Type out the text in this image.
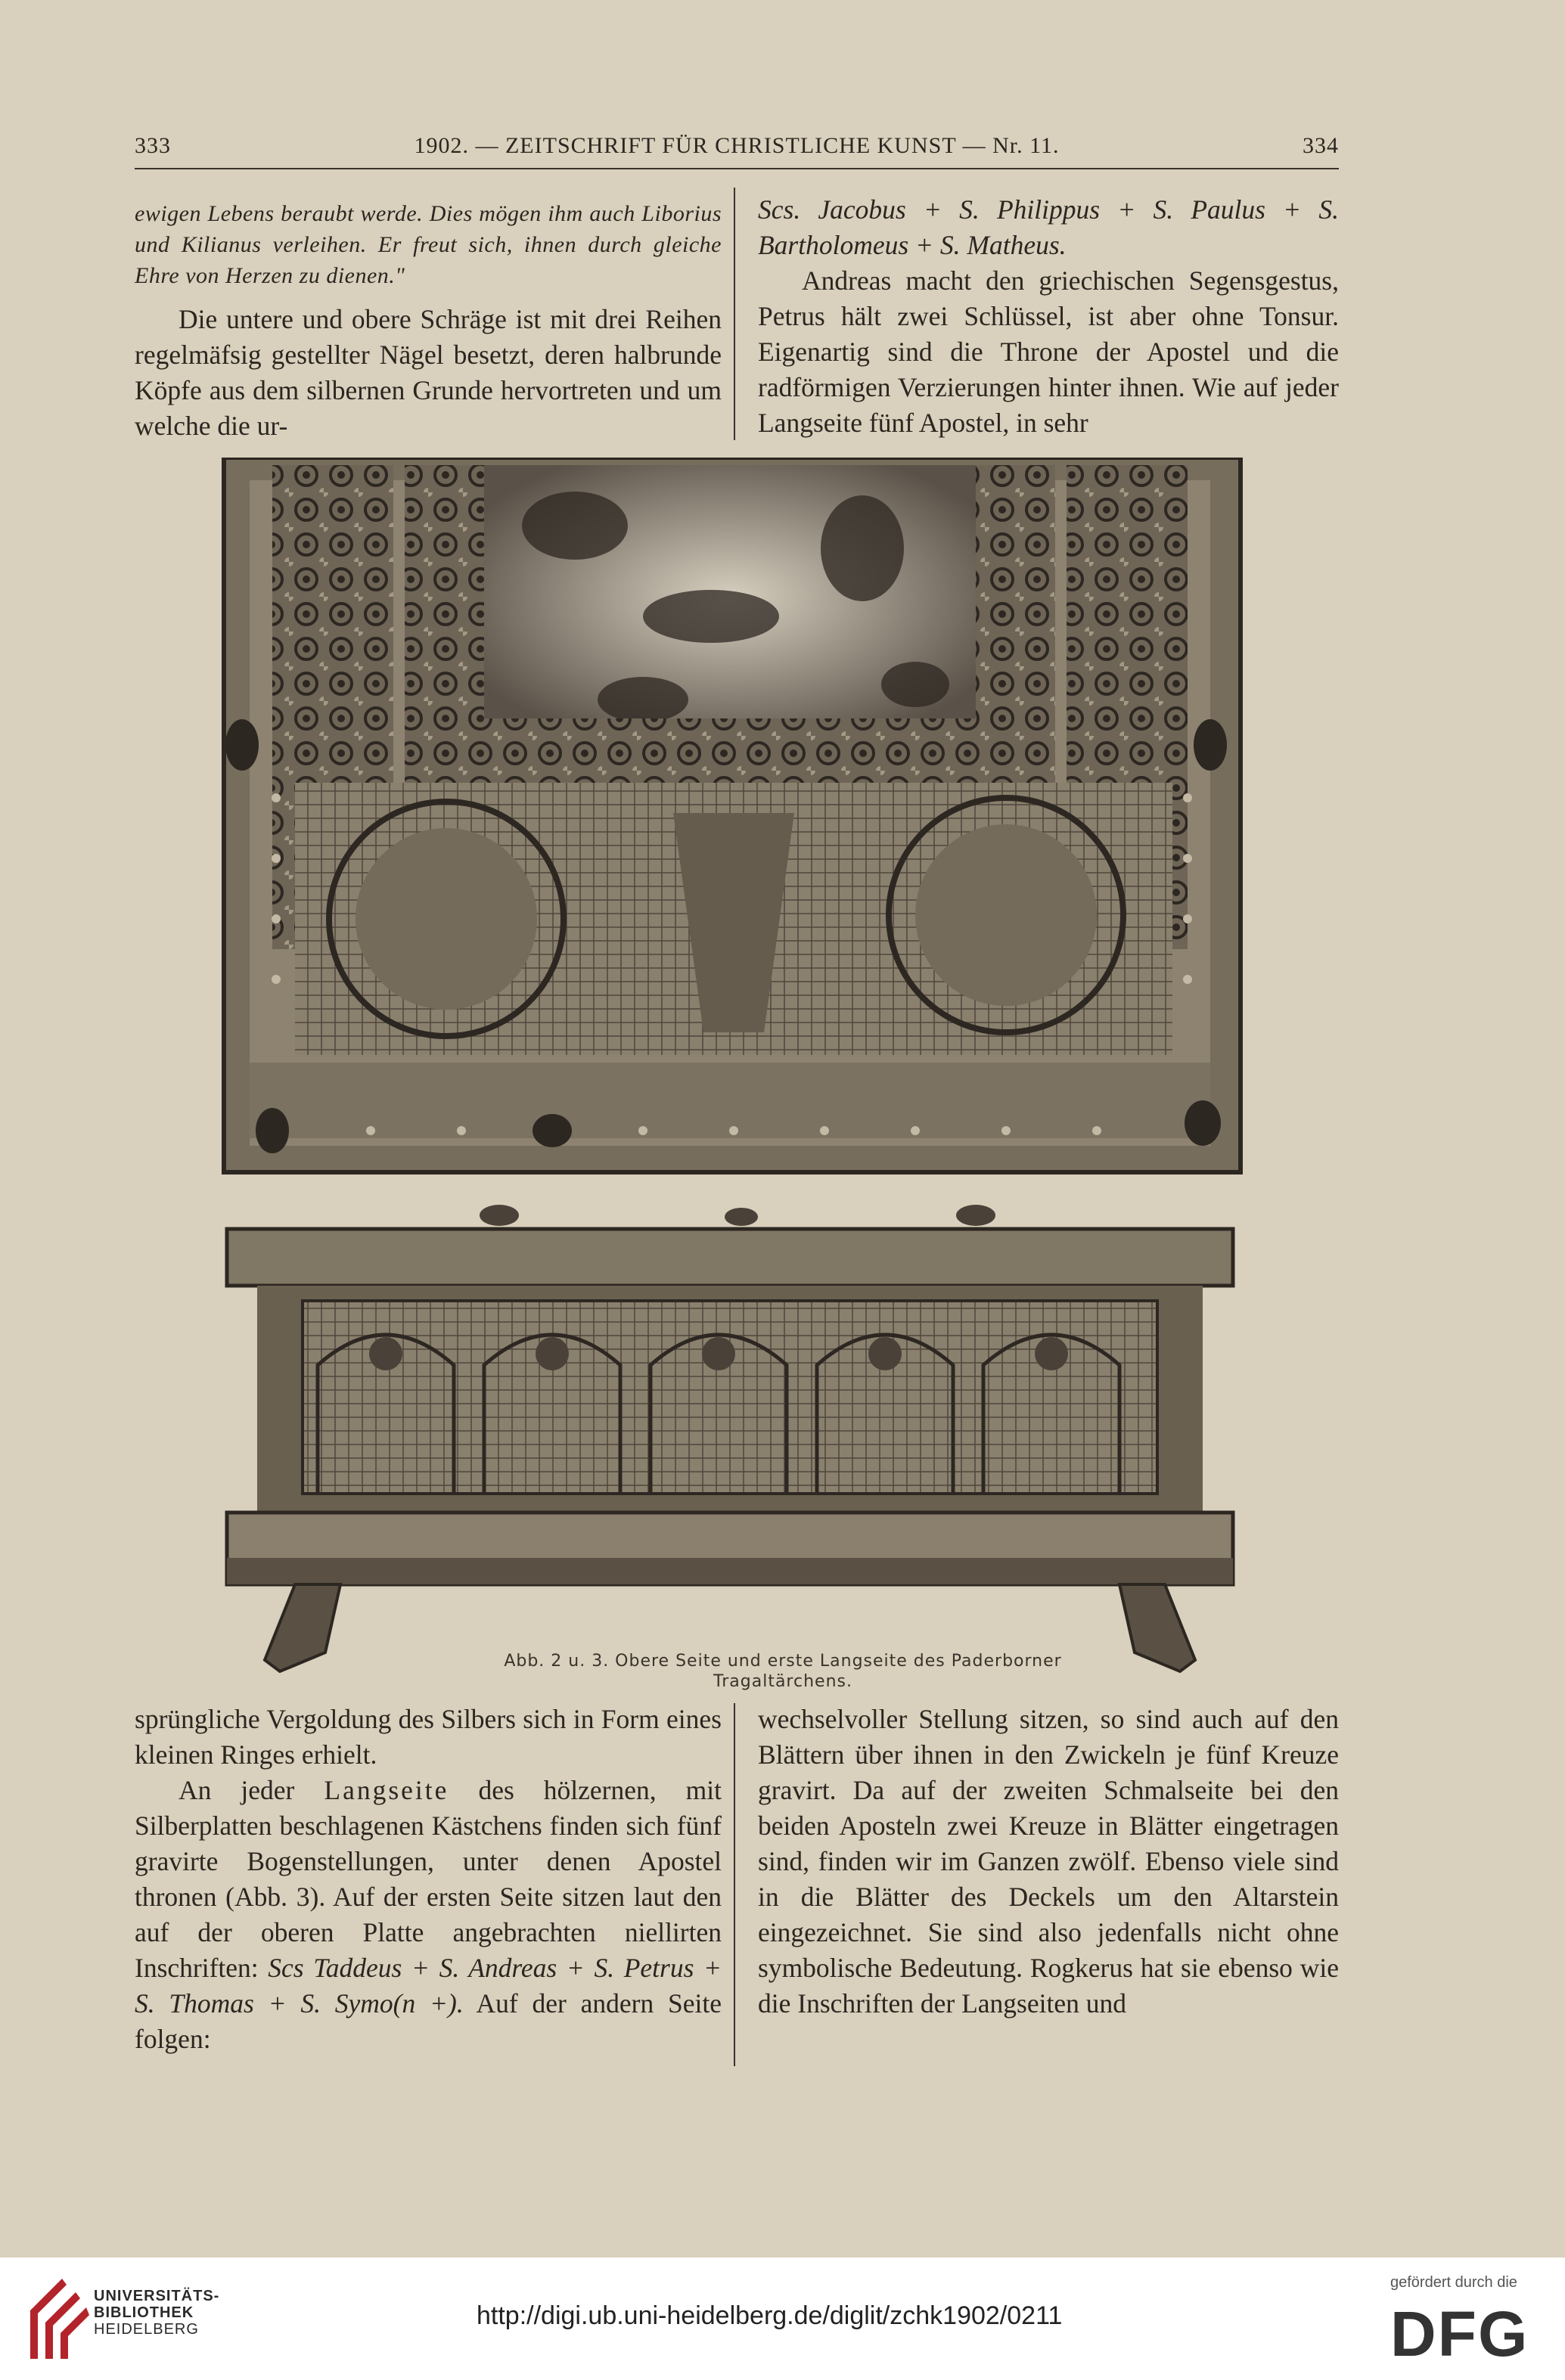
333	1902. — ZEITSCHRIFT FÜR CHRISTLICHE KUNST — Nr. 11.	334

ewigen Lebens beraubt werde. Dies mögen ihm auch Liborius und Kilianus verleihen. Er freut sich, ihnen durch gleiche Ehre von Herzen zu dienen."

Die untere und obere Schräge ist mit drei Reihen regelmäfsig gestellter Nägel besetzt, deren halbrunde Köpfe aus dem silbernen Grunde hervortreten und um welche die ur-

Scs. Jacobus + S. Philippus + S. Paulus + S. Bartholomeus + S. Matheus.

Andreas macht den griechischen Segensgestus, Petrus hält zwei Schlüssel, ist aber ohne Tonsur. Eigenartig sind die Throne der Apostel und die radförmigen Verzierungen hinter ihnen. Wie auf jeder Langseite fünf Apostel, in sehr

Abb. 2 u. 3. Obere Seite und erste Langseite des Paderborner
Tragaltärchens.

sprüngliche Vergoldung des Silbers sich in Form eines kleinen Ringes erhielt.

An jeder Langseite des hölzernen, mit Silberplatten beschlagenen Kästchens finden sich fünf gravirte Bogenstellungen, unter denen Apostel thronen (Abb. 3). Auf der ersten Seite sitzen laut den auf der oberen Platte angebrachten niellirten Inschriften: Scs Taddeus + S. Andreas + S. Petrus + S. Thomas + S. Symo(n +). Auf der andern Seite folgen:

wechselvoller Stellung sitzen, so sind auch auf den Blättern über ihnen in den Zwickeln je fünf Kreuze gravirt. Da auf der zweiten Schmalseite bei den beiden Aposteln zwei Kreuze in Blätter eingetragen sind, finden wir im Ganzen zwölf. Ebenso viele sind in die Blätter des Deckels um den Altarstein eingezeichnet. Sie sind also jedenfalls nicht ohne symbolische Bedeutung. Rogkerus hat sie ebenso wie die Inschriften der Langseiten und

UNIVERSITÄTS-
BIBLIOTHEK
HEIDELBERG	http://digi.ub.uni-heidelberg.de/diglit/zchk1902/0211
gefördert durch die
DFG
